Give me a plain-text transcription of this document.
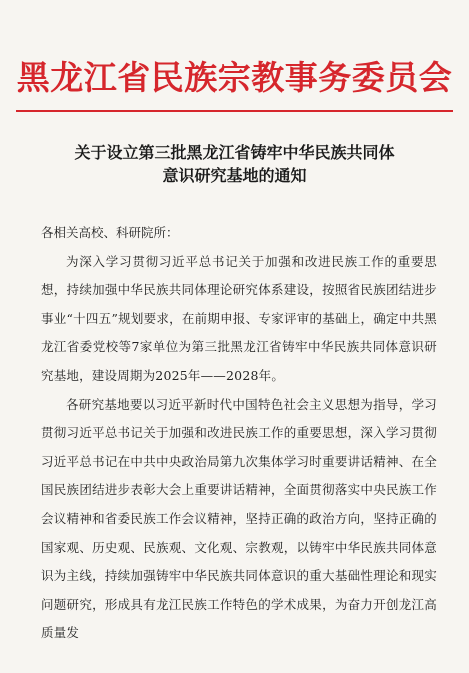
黑龙江省民族宗教事务委员会
关于设立第三批黑龙江省铸牢中华民族共同体
意识研究基地的通知

各相关高校、科研院所：

为深入学习贯彻习近平总书记关于加强和改进民族工作的重要思想，持续加强中华民族共同体理论研究体系建设，按照省民族团结进步事业“十四五”规划要求，在前期申报、专家评审的基础上，确定中共黑龙江省委党校等7家单位为第三批黑龙江省铸牢中华民族共同体意识研究基地，建设周期为2025年——2028年。

各研究基地要以习近平新时代中国特色社会主义思想为指导，学习贯彻习近平总书记关于加强和改进民族工作的重要思想，深入学习贯彻习近平总书记在中共中央政治局第九次集体学习时重要讲话精神、在全国民族团结进步表彰大会上重要讲话精神，全面贯彻落实中央民族工作会议精神和省委民族工作会议精神，坚持正确的政治方向，坚持正确的国家观、历史观、民族观、文化观、宗教观，以铸牢中华民族共同体意识为主线，持续加强铸牢中华民族共同体意识的重大基础性理论和现实问题研究，形成具有龙江民族工作特色的学术成果，为奋力开创龙江高质量发
